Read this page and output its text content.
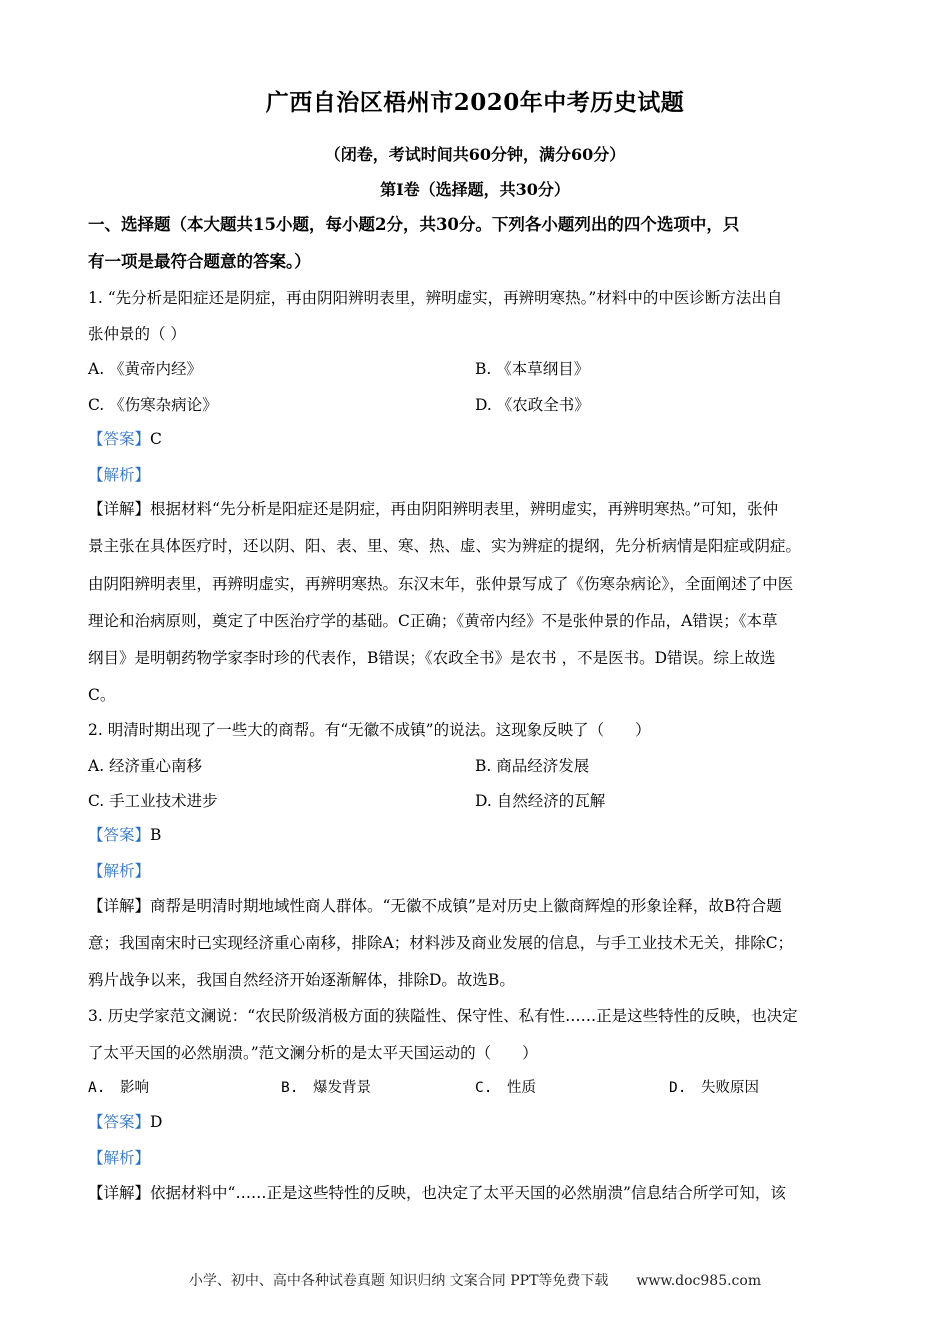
广西自治区梧州市2020年中考历史试题
（闭卷，考试时间共60分钟，满分60分）
第Ⅰ卷（选择题，共30分）
一、选择题（本大题共15小题，每小题2分，共30分。下列各小题列出的四个选项中，只
有一项是最符合题意的答案。）
1. “先分析是阳症还是阴症，再由阴阳辨明表里，辨明虚实，再辨明寒热。”材料中的中医诊断方法出自
张仲景的（ ）
A. 《黄帝内经》	B. 《本草纲目》
C. 《伤寒杂病论》	D. 《农政全书》
【答案】C
【解析】
【详解】根据材料“先分析是阳症还是阴症，再由阴阳辨明表里，辨明虚实，再辨明寒热。”可知，张仲
景主张在具体医疗时，还以阴、阳、表、里、寒、热、虚、实为辨症的提纲，先分析病情是阳症或阴症。
由阴阳辨明表里，再辨明虚实，再辨明寒热。东汉末年，张仲景写成了《伤寒杂病论》，全面阐述了中医
理论和治病原则，奠定了中医治疗学的基础。C正确；《黄帝内经》不是张仲景的作品，A错误；《本草
纲目》是明朝药物学家李时珍的代表作，B错误；《农政全书》是农书 ，不是医书。D错误。综上故选
C。
2. 明清时期出现了一些大的商帮。有“无徽不成镇”的说法。这现象反映了（　　）
A. 经济重心南移	B. 商品经济发展
C. 手工业技术进步	D. 自然经济的瓦解
【答案】B
【解析】
【详解】商帮是明清时期地域性商人群体。“无徽不成镇”是对历史上徽商辉煌的形象诠释，故B符合题
意；我国南宋时已实现经济重心南移，排除A；材料涉及商业发展的信息，与手工业技术无关，排除C；
鸦片战争以来，我国自然经济开始逐渐解体，排除D。故选B。
3. 历史学家范文澜说：“农民阶级消极方面的狭隘性、保守性、私有性……正是这些特性的反映，也决定
了太平天国的必然崩溃。”范文澜分析的是太平天国运动的（　　）
A.　影响	B.　爆发背景	C.　性质	D.　失败原因
【答案】D
【解析】
【详解】依据材料中“……正是这些特性的反映，也决定了太平天国的必然崩溃”信息结合所学可知，该
小学、初中、高中各种试卷真题 知识归纳 文案合同 PPT等免费下载　　www.doc985.com
